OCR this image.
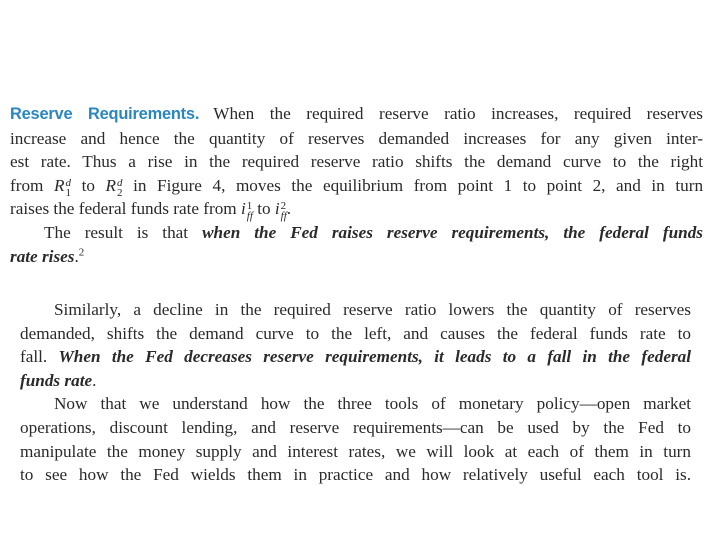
Reserve Requirements. When the required reserve ratio increases, required reserves
increase and hence the quantity of reserves demanded increases for any given inter-
est rate. Thus a rise in the required reserve ratio shifts the demand curve to the right
from R d
1 to R d
2 in Figure 4, moves the equilibrium from point 1 to point 2, and in turn
raises the federal funds rate from i 1
ff to i 2
ff .
The result is that when the Fed raises reserve requirements, the federal funds
rate rises.$^2$
Similarly, a decline in the required reserve ratio lowers the quantity of reserves
demanded, shifts the demand curve to the left, and causes the federal funds rate to
fall. When the Fed decreases reserve requirements, it leads to a fall in the federal
funds rate.
Now that we understand how the three tools of monetary policy—open market
operations, discount lending, and reserve requirements—can be used by the Fed to
manipulate the money supply and interest rates, we will look at each of them in turn
to see how the Fed wields them in practice and how relatively useful each tool is.
